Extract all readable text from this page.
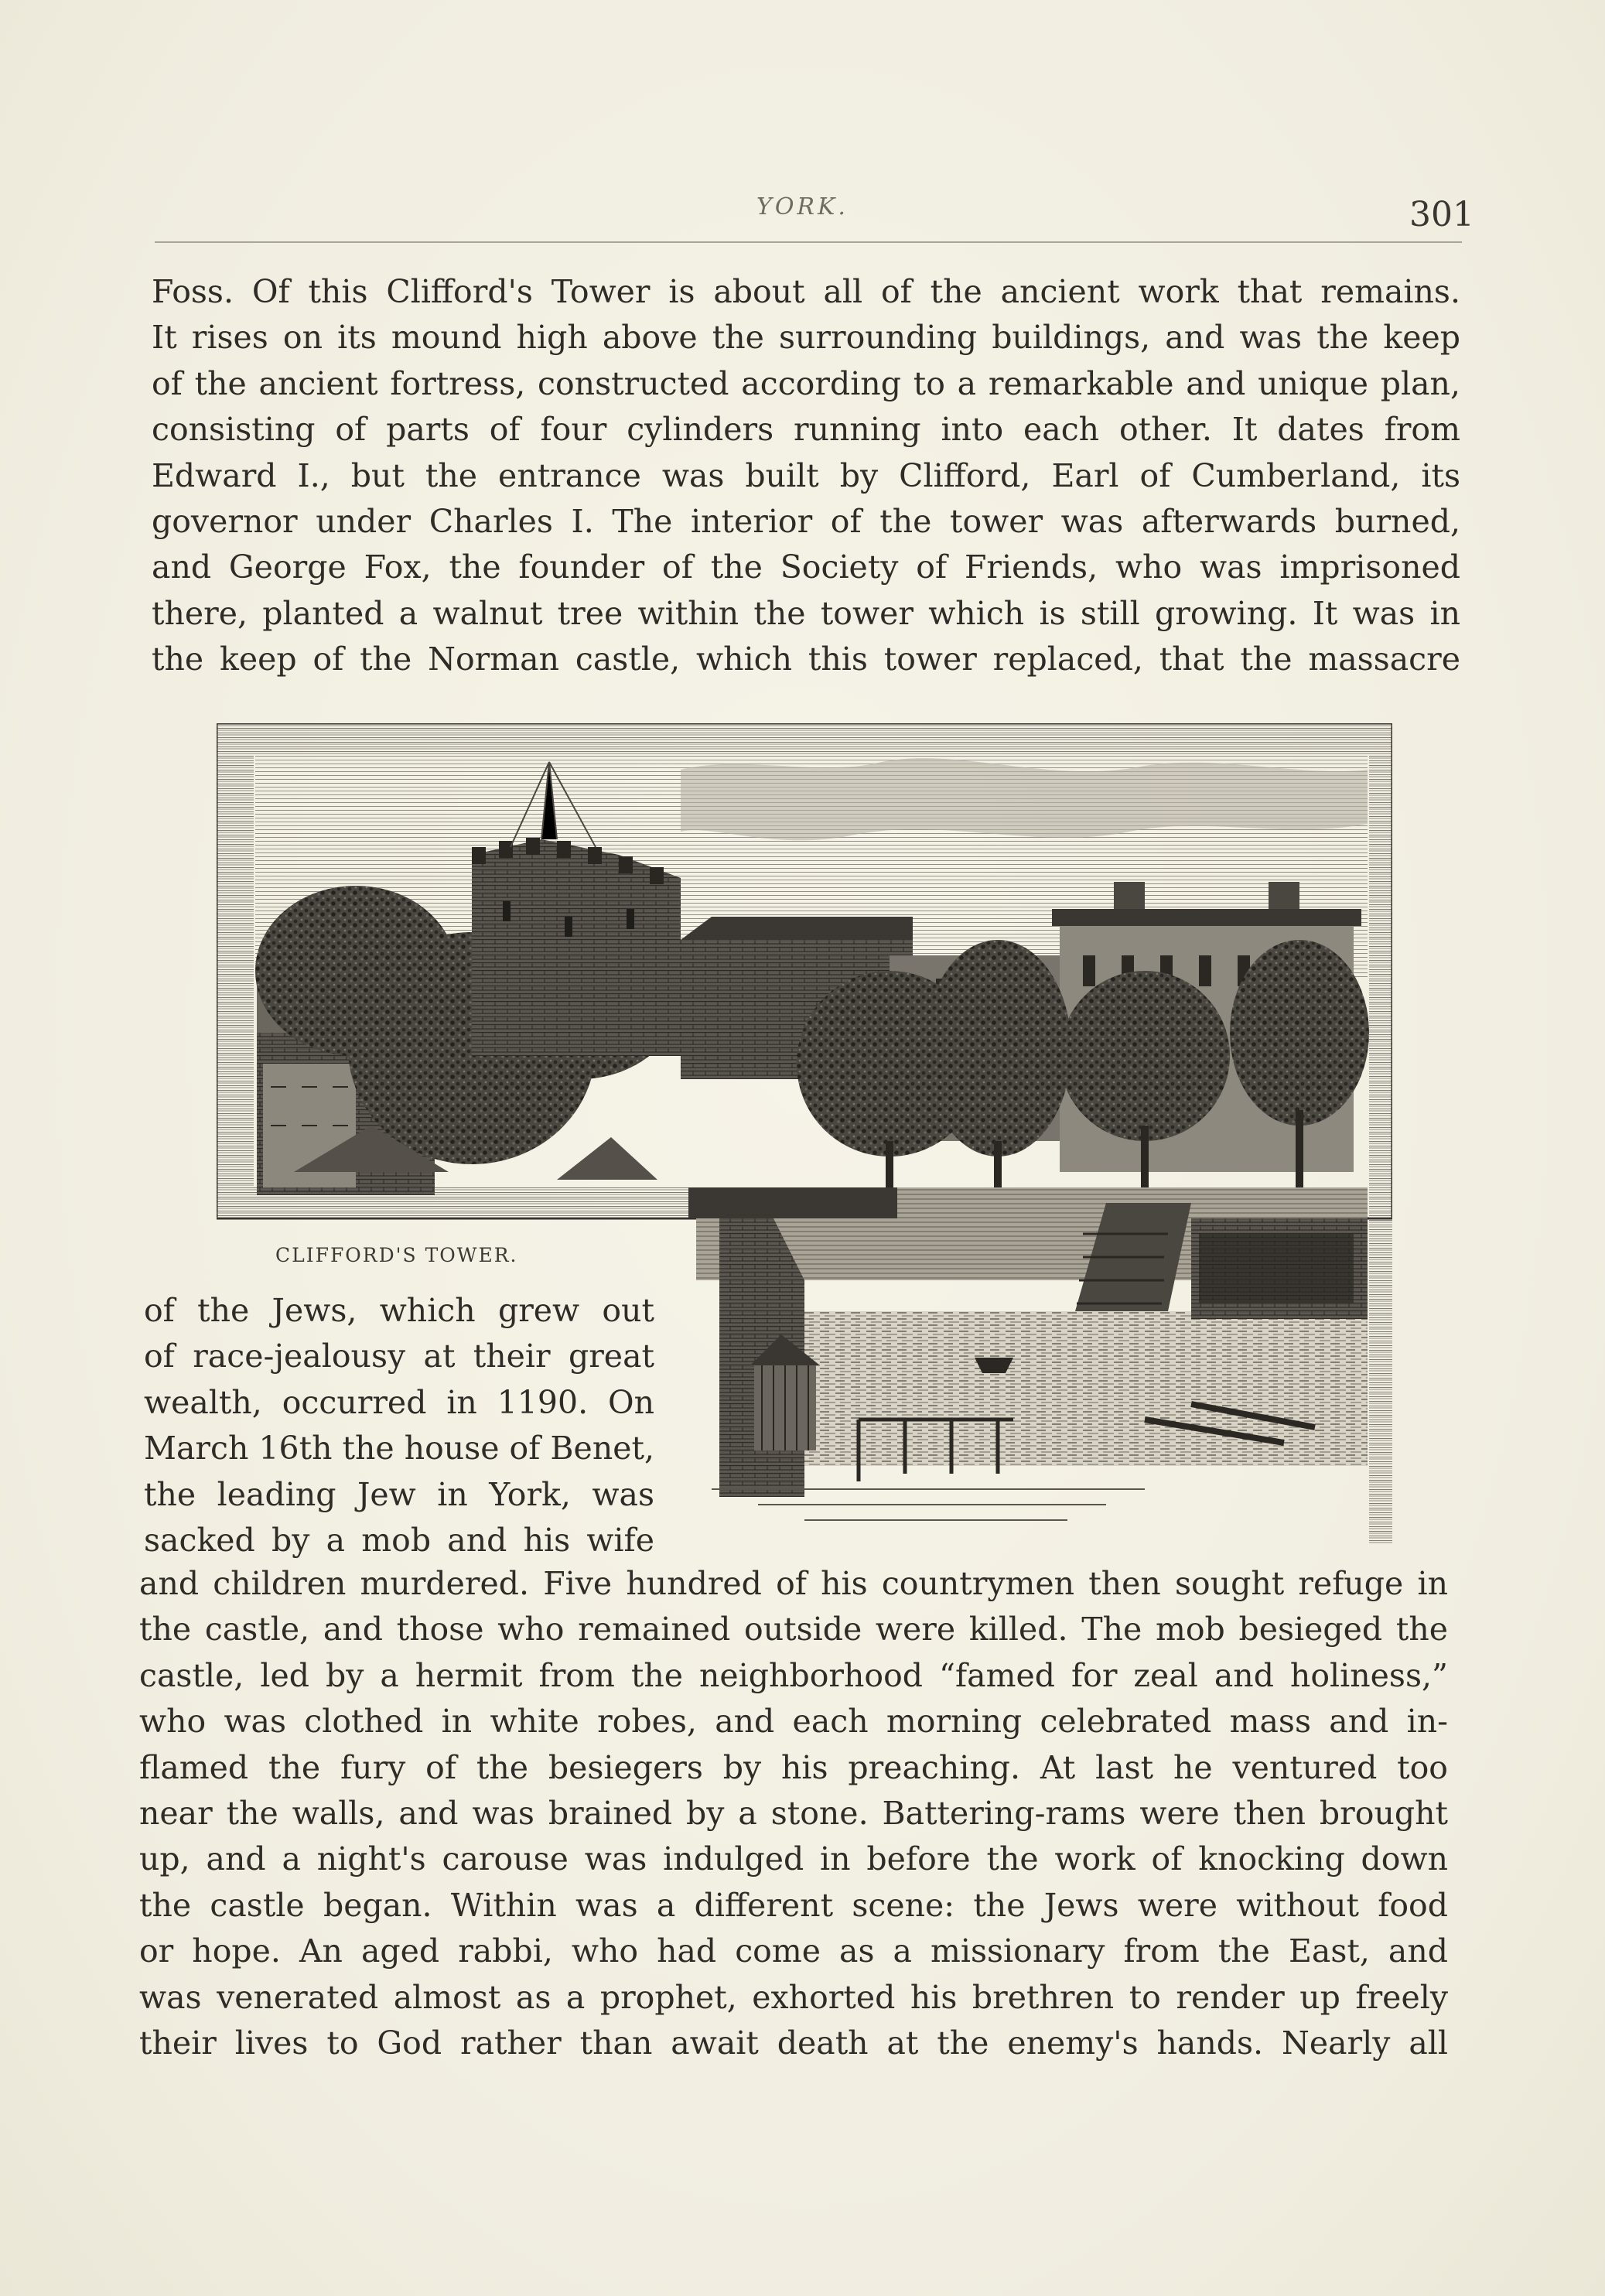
YORK.	301
Foss. Of this Clifford's Tower is about all of the ancient work that remains.
It rises on its mound high above the surrounding buildings, and was the keep
of the ancient fortress, constructed according to a remarkable and unique plan,
consisting of parts of four cylinders running into each other. It dates from
Edward I., but the entrance was built by Clifford, Earl of Cumberland, its
governor under Charles I. The interior of the tower was afterwards burned,
and George Fox, the founder of the Society of Friends, who was imprisoned
there, planted a walnut tree within the tower which is still growing. It was in
the keep of the Norman castle, which this tower replaced, that the massacre
CLIFFORD'S TOWER.
of the Jews, which grew out
of race-jealousy at their great
wealth, occurred in 1190. On
March 16th the house of Benet,
the leading Jew in York, was
sacked by a mob and his wife
and children murdered. Five hundred of his countrymen then sought refuge in
the castle, and those who remained outside were killed. The mob besieged the
castle, led by a hermit from the neighborhood “famed for zeal and holiness,”
who was clothed in white robes, and each morning celebrated mass and in-
flamed the fury of the besiegers by his preaching. At last he ventured too
near the walls, and was brained by a stone. Battering-rams were then brought
up, and a night's carouse was indulged in before the work of knocking down
the castle began. Within was a different scene: the Jews were without food
or hope. An aged rabbi, who had come as a missionary from the East, and
was venerated almost as a prophet, exhorted his brethren to render up freely
their lives to God rather than await death at the enemy's hands. Nearly all
